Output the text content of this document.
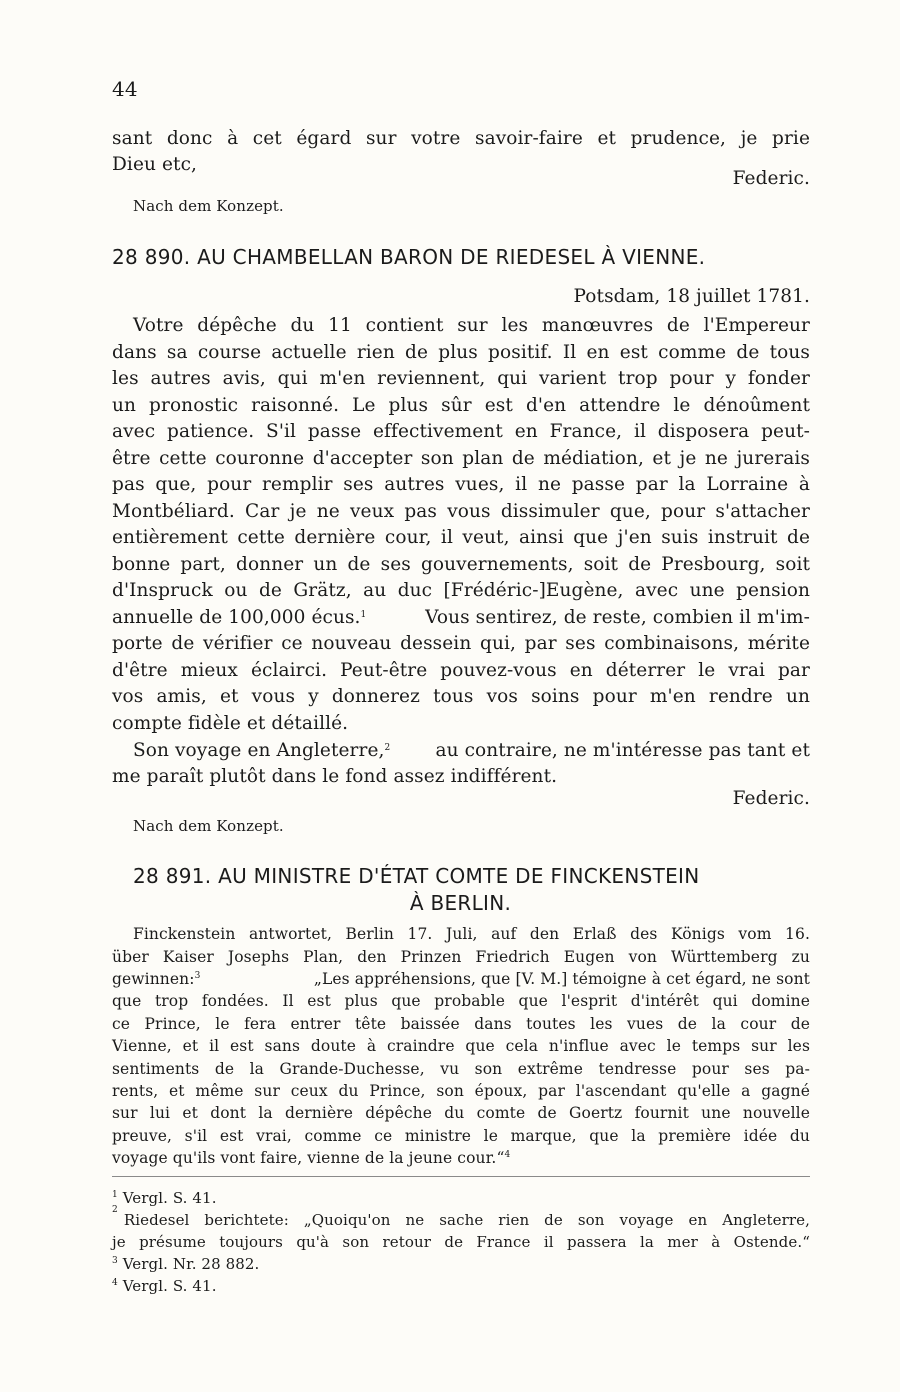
44

sant donc à cet égard sur votre savoir-faire et prudence, je prie

Dieu etc,

Federic.

Nach dem Konzept.

28 890. AU CHAMBELLAN BARON DE RIEDESEL À VIENNE.

Potsdam, 18 juillet 1781.

Votre dépêche du 11 contient sur les manœuvres de l'Empereur

dans sa course actuelle rien de plus positif. Il en est comme de tous

les autres avis, qui m'en reviennent, qui varient trop pour y fonder

un pronostic raisonné. Le plus sûr est d'en attendre le dénoûment

avec patience. S'il passe effectivement en France, il disposera peut-

être cette couronne d'accepter son plan de médiation, et je ne jurerais

pas que, pour remplir ses autres vues, il ne passe par la Lorraine à

Montbéliard. Car je ne veux pas vous dissimuler que, pour s'attacher

entièrement cette dernière cour, il veut, ainsi que j'en suis instruit de

bonne part, donner un de ses gouvernements, soit de Presbourg, soit

d'Inspruck ou de Grätz, au duc [Frédéric-]Eugène, avec une pension

annuelle de 100,000 écus.$^1$	Vous sentirez, de reste, combien il m'im-

porte de vérifier ce nouveau dessein qui, par ses combinaisons, mérite

d'être mieux éclairci. Peut-être pouvez-vous en déterrer le vrai par

vos amis, et vous y donnerez tous vos soins pour m'en rendre un

compte fidèle et détaillé.

Son voyage en Angleterre,$^2$ au contraire, ne m'intéresse pas tant et

me paraît plutôt dans le fond assez indifférent.

Federic.

Nach dem Konzept.

28 891. AU MINISTRE D'ÉTAT COMTE DE FINCKENSTEIN

À BERLIN.

Finckenstein antwortet, Berlin 17. Juli, auf den Erlaß des Königs vom 16.

über Kaiser Josephs Plan, den Prinzen Friedrich Eugen von Württemberg zu

gewinnen:$^3$	„Les appréhensions, que [V. M.] témoigne à cet égard, ne sont

que trop fondées. Il est plus que probable que l'esprit d'intérêt qui domine

ce Prince, le fera entrer tête baissée dans toutes les vues de la cour de

Vienne, et il est sans doute à craindre que cela n'influe avec le temps sur les

sentiments de la Grande-Duchesse, vu son extrême tendresse pour ses pa-

rents, et même sur ceux du Prince, son époux, par l'ascendant qu'elle a gagné

sur lui et dont la dernière dépêche du comte de Goertz fournit une nouvelle

preuve, s'il est vrai, comme ce ministre le marque, que la première idée du

voyage qu'ils vont faire, vienne de la jeune cour.“$^4$

$^1$ Vergl. S. 41.

2
Riedesel berichtete: „Quoiqu'on ne sache rien de son voyage en Angleterre,

je présume toujours qu'à son retour de France il passera la mer à Ostende.“

$^3$ Vergl. Nr. 28 882.

$^4$ Vergl. S. 41.
